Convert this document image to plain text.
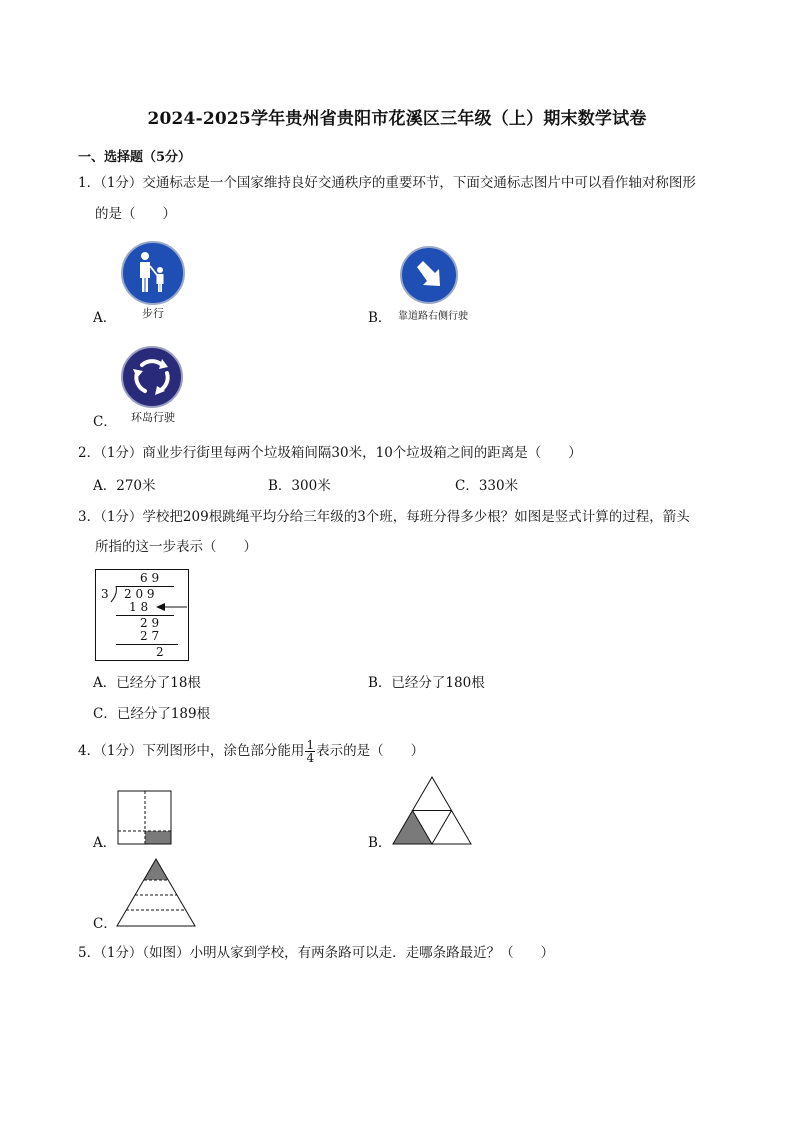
2024-2025学年贵州省贵阳市花溪区三年级（上）期末数学试卷
一、选择题（5分）
1．（1分）交通标志是一个国家维持良好交通秩序的重要环节，下面交通标志图片中可以看作轴对称图形
的是（　　）
A．	步行	B． 靠道路右侧行驶
C．	环岛行驶
2．（1分）商业步行街里每两个垃圾箱间隔30米，10个垃圾箱之间的距离是（　　）
A．270米	B．300米	C．330米
3．（1分）学校把209根跳绳平均分给三年级的3个班，每班分得多少根？如图是竖式计算的过程，箭头
所指的这一步表示（　　）
6 9
3 2 0 9
1 8
2 9
2 7
2
A．已经分了18根	B．已经分了180根
C．已经分了189根
4．（1分）下列图形中，涂色部分能用 $\frac{1}{4}$ 表示的是（　　）
A．	B．
C．
5．（1分）（如图）小明从家到学校，有两条路可以走．走哪条路最近？（　　）
